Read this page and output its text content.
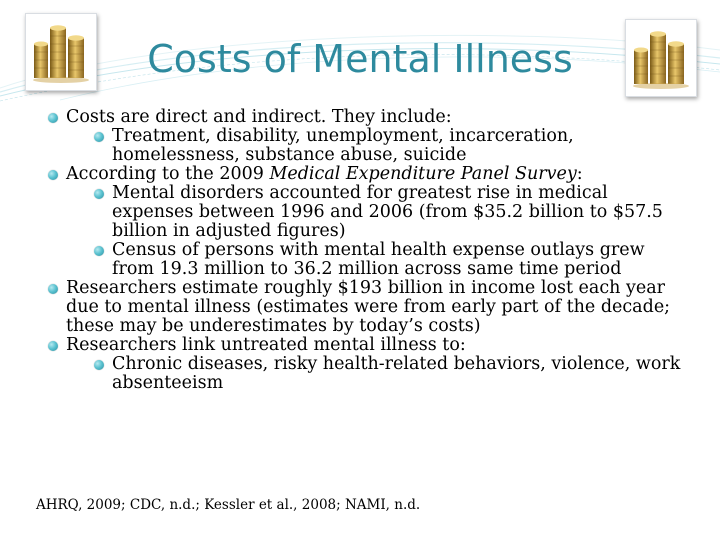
Costs of Mental Illness
Costs are direct and indirect. They include:
Treatment, disability, unemployment, incarceration, homelessness, substance abuse, suicide
According to the 2009 Medical Expenditure Panel Survey:
Mental disorders accounted for greatest rise in medical expenses between 1996 and 2006 (from $35.2 billion to $57.5 billion in adjusted figures)
Census of persons with mental health expense outlays grew from 19.3 million to 36.2 million across same time period
Researchers estimate roughly $193 billion in income lost each year due to mental illness (estimates were from early part of the decade; these may be underestimates by today’s costs)
Researchers link untreated mental illness to:
Chronic diseases, risky health-related behaviors, violence, work absenteeism

AHRQ, 2009; CDC, n.d.; Kessler et al., 2008; NAMI, n.d.
